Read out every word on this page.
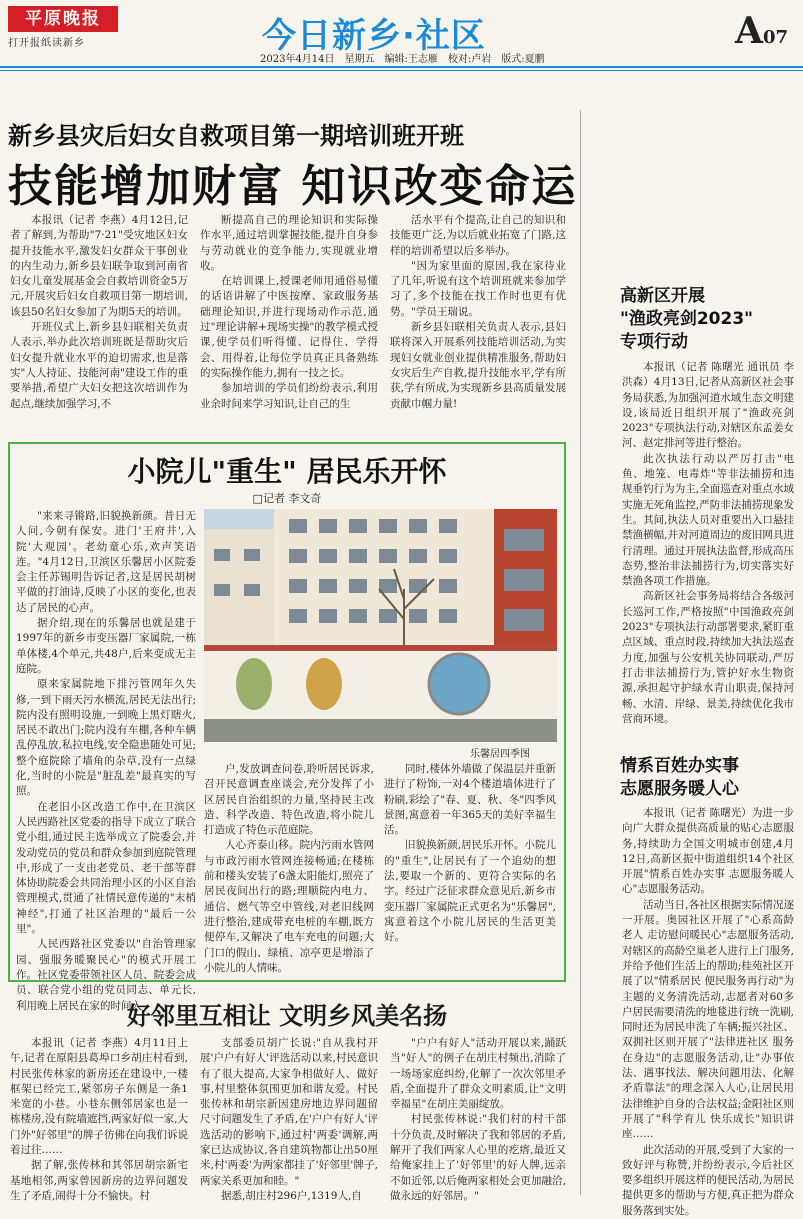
平原晚报
打开报纸读新乡	今日新乡·社区	A07
2023年4月14日　星期五　编辑:王志雁　校对:卢岩　版式:夏鹏
新乡县灾后妇女自救项目第一期培训班开班
技能增加财富 知识改变命运

本报讯（记者 李燕）4月12日,记者了解到,为帮助"7·21"受灾地区妇女提升技能水平,激发妇女群众干事创业的内生动力,新乡县妇联争取到河南省妇女儿童发展基金会自救培训资金5万元,开展灾后妇女自救项目第一期培训,该县50名妇女参加了为期5天的培训。

开班仪式上,新乡县妇联相关负责人表示,举办此次培训班既是帮助灾后妇女提升就业水平的迫切需求,也是落实"人人持证、技能河南"建设工作的重要举措,希望广大妇女把这次培训作为起点,继续加强学习,不

断提高自己的理论知识和实际操作水平,通过培训掌握技能,提升自身参与劳动就业的竞争能力,实现就业增收。

在培训课上,授课老师用通俗易懂的话语讲解了中医按摩、家政服务基础理论知识,并进行现场动作示范,通过"理论讲解+现场实操"的教学模式授课,使学员们听得懂、记得住、学得会、用得着,让每位学员真正具备熟练的实际操作能力,拥有一技之长。

参加培训的学员们纷纷表示,利用业余时间来学习知识,让自己的生

活水平有个提高,让自己的知识和技能更广泛,为以后就业拓宽了门路,这样的培训希望以后多举办。

"因为家里面的原因,我在家待业了几年,听说有这个培训班就来参加学习了,多个技能在找工作时也更有优势。"学员王瑞说。

新乡县妇联相关负责人表示,县妇联将深入开展系列技能培训活动,为实现妇女就业创业提供精准服务,帮助妇女灾后生产自救,提升技能水平,学有所获,学有所成,为实现新乡县高质量发展贡献巾帼力量!

小院儿"重生" 居民乐开怀
□记者 李文奇

"来来寻锵路,旧貌换新颜。昔日无人问,今朝有保安。进门'王府井',入院'大观园'。老幼童心乐,欢声笑语连。"4月12日,卫滨区乐馨居小区院委会主任苏锡明告诉记者,这是居民胡树平做的打油诗,反映了小区的变化,也表达了居民的心声。

据介绍,现在的乐馨居也就是建于1997年的新乡市变压器厂家属院,一栋单体楼,4个单元,共48户,后来变成无主庭院。

原来家属院地下排污管网年久失修,一到下雨天污水横流,居民无法出行;院内没有照明设施,一到晚上黑灯瞎火,居民不敢出门;院内没有车棚,各种车辆乱停乱放,私拉电线,安全隐患随处可见;整个庭院除了墙角的杂草,没有一点绿化,当时的小院是"脏乱差"最真实的写照。

在老旧小区改造工作中,在卫滨区人民西路社区党委的指导下成立了联合党小组,通过民主选举成立了院委会,并发动党员的党员和群众参加到庭院管理中,形成了一支由老党员、老干部等群体协助院委会共同治理小区的小区自治管理模式,贯通了社情民意传递的"末梢神经",打通了社区治理的"最后一公里"。

人民西路社区党委以"自治管理家园、强服务暖聚民心"的模式开展工作。社区党委带领社区人员、院委会成员、联合党小组的党员同志、单元长,利用晚上居民在家的时间入

乐馨居四季图

户,发放调查问卷,聆听居民诉求,召开民意调查座谈会,充分发挥了小区居民自治组织的力量,坚持民主改造、科学改造、特色改造,将小院儿打造成了特色示范庭院。

人心齐泰山移。院内污雨水管网与市政污雨水管网连接畅通;在楼栋前和楼头安装了6盏太阳能灯,照亮了居民夜间出行的路;理顺院内电力、通信、燃气等空中管线,对老旧线网进行整治,建成带充电桩的车棚,既方便停车,又解决了电车充电的问题;大门口的假山、绿植、凉亭更是增添了小院儿的人情味。

同时,楼体外墙做了保温层并重新进行了粉饰,一对4个楼道墙体进行了粉刷,彩绘了"春、夏、秋、冬"四季风景图,寓意着一年365天的美好幸福生活。

旧貌换新颜,居民乐开怀。小院儿的"重生",让居民有了一个追幼的想法,要取一个新的、更符合实际的名字。经过广泛征求群众意见后,新乡市变压器厂家属院正式更名为"乐馨居",寓意着这个小院儿居民的生活更美好。

好邻里互相让 文明乡风美名扬

本报讯（记者 李燕）4月11日上午,记者在原阳县葛埠口乡胡庄村看到,村民张传林家的新房还在建设中,一楼框架已经完工,紧邻房子东侧是一条1米宽的小巷。小巷东侧邻居家也是一栋楼房,没有院墙遮挡,两家好似一家,大门外"好邻里"的牌子彷佛在向我们诉说着过往……

据了解,张传林和其邻居胡宗新宅基地相邻,两家曾因新房的边界问题发生了矛盾,闹得十分不愉快。村

支部委员胡广长说:"自从我村开展'户户有好人'评选活动以来,村民意识有了很大提高,大家争相做好人、做好事,村里整体氛围更加和谐友爱。村民张传林和胡宗新因建房地边界问题留尺寸问题发生了矛盾,在'户户有好人'评选活动的影响下,通过村'两委'调解,两家已达成协议,各自建筑物都让出50厘米,村'两委'为两家都挂了'好邻里'牌子,两家关系更加和睦。"

据悉,胡庄村296户,1319人,自

"户户有好人"活动开展以来,踊跃当"好人"的例子在胡庄村频出,消除了一场场家庭纠纷,化解了一次次邻里矛盾,全面提升了群众文明素质,让"文明幸福星"在胡庄美丽绽放。

村民张传林说:"我们村的村干部十分负责,及时解决了我和邻居的矛盾,解开了我们两家人心里的疙瘩,最近又给俺家挂上了'好邻里'的好人牌,远亲不如近邻,以后俺两家相处会更加融洽,做永远的好邻居。"

高新区开展
"渔政亮剑2023"
专项行动

本报讯（记者 陈曙光 通讯员 李洪森）4月13日,记者从高新区社会事务局获悉,为加强河道水域生态文明建设,该局近日组织开展了"渔政亮剑2023"专项执法行动,对辖区东孟姜女河、赵定排河等进行整治。

此次执法行动以严厉打击"电鱼、地笼、电毒炸"等非法捕捞和违规垂钓行为为主,全面巡查对重点水域实施无死角监控,严防非法捕捞现象发生。其间,执法人员对重要出入口悬挂禁渔横幅,并对河道周边的废旧网具进行清理。通过开展执法监督,形成高压态势,整治非法捕捞行为,切实落实好禁渔各项工作措施。

高新区社会事务局将结合各级河长巡河工作,严格按照"中国渔政亮剑2023"专项执法行动部署要求,紧盯重点区域、重点时段,持续加大执法巡查力度,加强与公安机关协同联动,严厉打击非法捕捞行为,管护好水生物资源,承担起守护绿水青山职责,保持河畅、水清、岸绿、景美,持续优化我市营商环境。

情系百姓办实事
志愿服务暖人心

本报讯（记者 陈曙光）为进一步向广大群众提供高质量的贴心志愿服务,持续助力全国文明城市创建,4月12日,高新区振中街道组织14个社区开展"情系百姓办实事 志愿服务暖人心"志愿服务活动。

活动当日,各社区根据实际情况逐一开展。奥园社区开展了"心系高龄老人 走访慰问暖民心"志愿服务活动,对辖区的高龄空巢老人进行上门服务,并给予他们生活上的帮助;桂苑社区开展了以"情系居民 便民服务再行动"为主题的义务清洗活动,志愿者对60多户居民需要清洗的地毯进行统一洗刷,同时还为居民申洗了车辆;振兴社区、双拥社区则开展了"法律进社区 服务在身边"的志愿服务活动,让"办事依法、遇事找法、解决问题用法、化解矛盾靠法"的理念深入人心,让居民用法律维护自身的合法权益;金阳社区则开展了"科学育儿 快乐成长"知识讲座……

此次活动的开展,受到了大家的一致好评与称赞,并纷纷表示,今后社区要多组织开展这样的便民活动,为居民提供更多的帮助与方便,真正把为群众服务落到实处。
